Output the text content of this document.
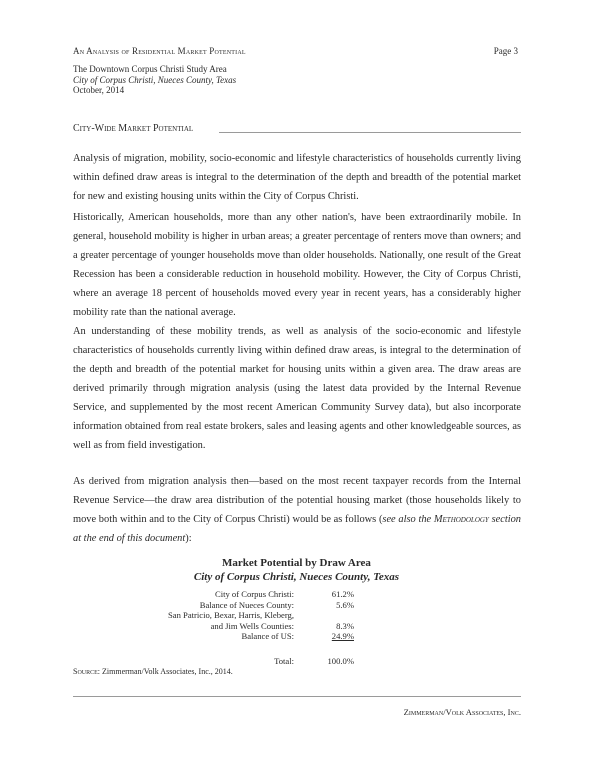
An Analysis of Residential Market Potential	Page 3
The Downtown Corpus Christi Study Area
City of Corpus Christi, Nueces County, Texas
October, 2014
City-Wide Market Potential
Analysis of migration, mobility, socio-economic and lifestyle characteristics of households currently living within defined draw areas is integral to the determination of the depth and breadth of the potential market for new and existing housing units within the City of Corpus Christi.
Historically, American households, more than any other nation's, have been extraordinarily mobile. In general, household mobility is higher in urban areas; a greater percentage of renters move than owners; and a greater percentage of younger households move than older households. Nationally, one result of the Great Recession has been a considerable reduction in household mobility. However, the City of Corpus Christi, where an average 18 percent of households moved every year in recent years, has a considerably higher mobility rate than the national average.
An understanding of these mobility trends, as well as analysis of the socio-economic and lifestyle characteristics of households currently living within defined draw areas, is integral to the determination of the depth and breadth of the potential market for housing units within a given area. The draw areas are derived primarily through migration analysis (using the latest data provided by the Internal Revenue Service, and supplemented by the most recent American Community Survey data), but also incorporate information obtained from real estate brokers, sales and leasing agents and other knowledgeable sources, as well as from field investigation.
As derived from migration analysis then—based on the most recent taxpayer records from the Internal Revenue Service—the draw area distribution of the potential housing market (those households likely to move both within and to the City of Corpus Christi) would be as follows (see also the Methodology section at the end of this document):
Market Potential by Draw Area
City of Corpus Christi, Nueces County, Texas
City of Corpus Christi:	61.2%
Balance of Nueces County:	5.6%
San Patricio, Bexar, Harris, Kleberg,
and Jim Wells Counties:	8.3%
Balance of US:	24.9%
Total:	100.0%
Source: Zimmerman/Volk Associates, Inc., 2014.
Zimmerman/Volk Associates, Inc.
